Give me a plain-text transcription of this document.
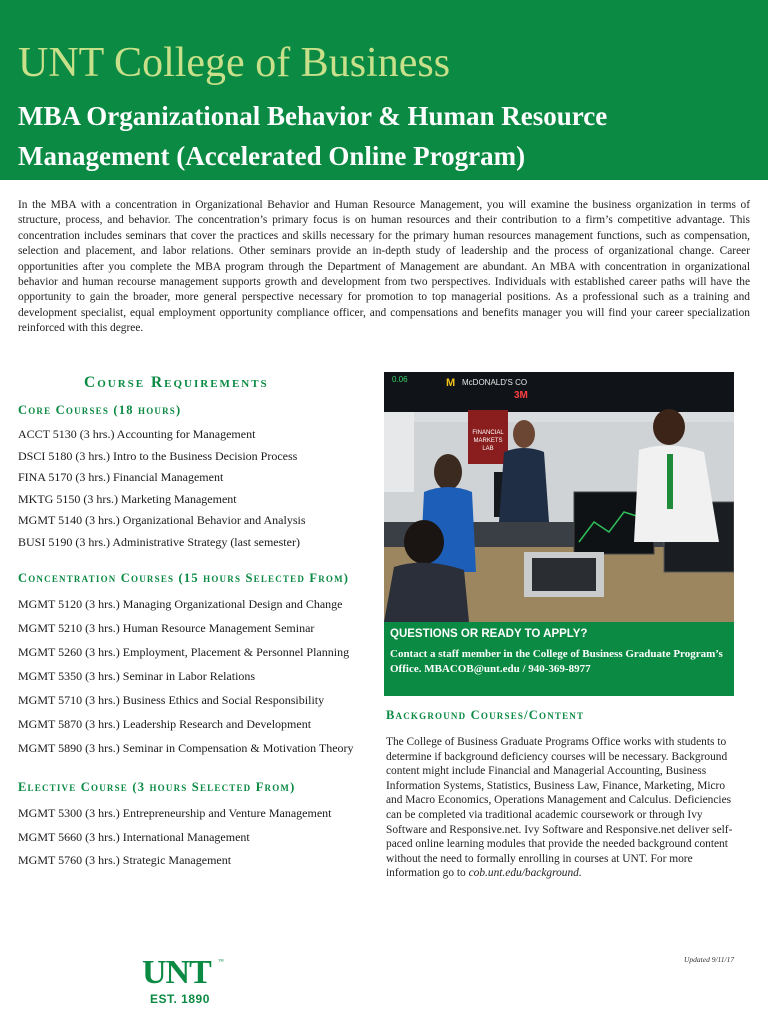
UNT College of Business
MBA Organizational Behavior & Human Resource Management (Accelerated Online Program)

In the MBA with a concentration in Organizational Behavior and Human Resource Management, you will examine the business organization in terms of structure, process, and behavior. The concentration’s primary focus is on human resources and their contribution to a firm’s competitive advantage. This concentration includes seminars that cover the practices and skills necessary for the primary human resources management functions, such as compensation, selection and placement, and labor relations. Other seminars provide an in-depth study of leadership and the process of organizational change. Career opportunities after you complete the MBA program through the Department of Management are abundant. An MBA with concentration in organizational behavior and human recourse management supports growth and development from two perspectives. Individuals with established career paths will have the opportunity to gain the broader, more general perspective necessary for promotion to top managerial positions. As a professional such as a training and development specialist, equal employment opportunity compliance officer, and compensations and benefits manager you will find your career specialization reinforced with this degree.

Course Requirements
Core Courses (18 hours)
ACCT 5130 (3 hrs.) Accounting for Management
DSCI 5180 (3 hrs.) Intro to the Business Decision Process
FINA 5170 (3 hrs.) Financial Management
MKTG 5150 (3 hrs.) Marketing Management
MGMT 5140 (3 hrs.) Organizational Behavior and Analysis
BUSI 5190 (3 hrs.) Administrative Strategy (last semester)
Concentration Courses (15 hours Selected From)
MGMT 5120 (3 hrs.) Managing Organizational Design and Change
MGMT 5210 (3 hrs.) Human Resource Management Seminar
MGMT 5260 (3 hrs.) Employment, Placement & Personnel Planning
MGMT 5350 (3 hrs.) Seminar in Labor Relations
MGMT 5710 (3 hrs.) Business Ethics and Social Responsibility
MGMT 5870 (3 hrs.) Leadership Research and Development
MGMT 5890 (3 hrs.) Seminar in Compensation & Motivation Theory
Elective Course (3 hours Selected From)
MGMT 5300 (3 hrs.) Entrepreneurship and Venture Management
MGMT 5660 (3 hrs.) International Management
MGMT 5760 (3 hrs.) Strategic Management
0.06	M McDONALD'S CO
3M
FINANCIAL
MARKETS
LAB
QUESTIONS OR READY TO APPLY?
Contact a staff member in the College of Business Graduate Program’s Office. MBACOB@unt.edu / 940-369-8977
Background Courses/Content

The College of Business Graduate Programs Office works with students to determine if background deficiency courses will be necessary. Background content might include Financial and Managerial Accounting, Business Information Systems, Statistics, Business Law, Finance, Marketing, Micro and Macro Economics, Operations Management and Calculus. Deficiencies can be completed via traditional academic coursework or through Ivy Software and Responsive.net. Ivy Software and Responsive.net deliver self-paced online learning modules that provide the needed background content without the need to formally enrolling in courses at UNT. For more information go to cob.unt.edu/background.

Updated 9/11/17
UNT ™
EST. 1890
